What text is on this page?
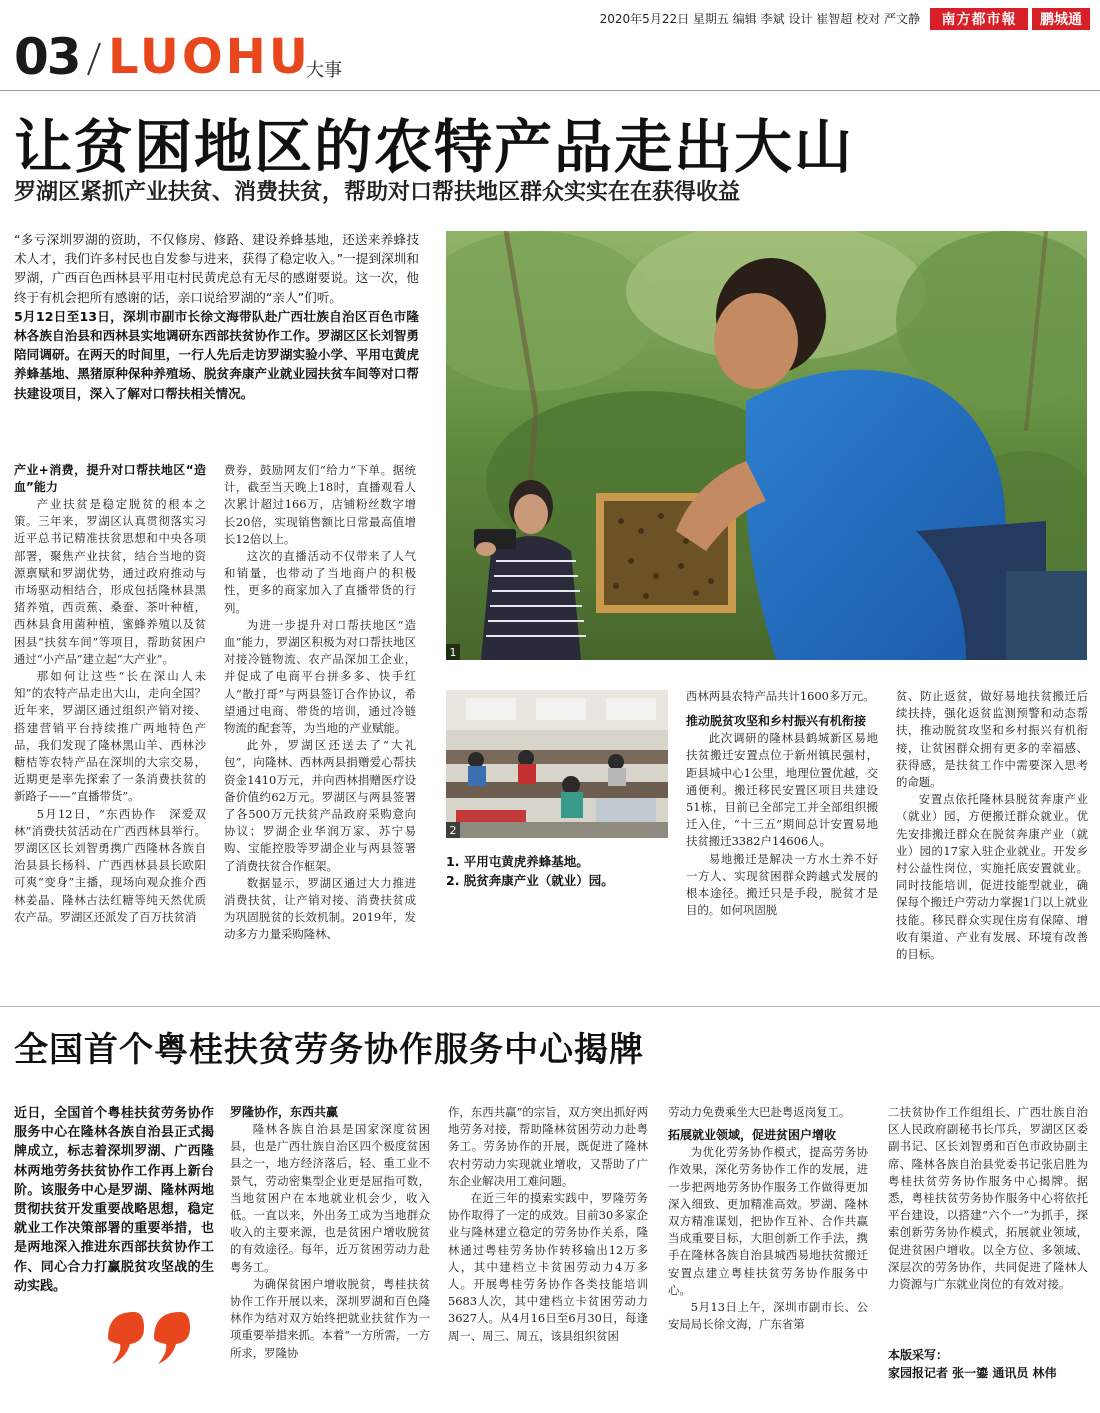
2020年5月22日 星期五 编辑 李斌 设计 崔智超 校对 严文静	南方都市報	鹏城通
03 LUOHU
大事
让贫困地区的农特产品走出大山
罗湖区紧抓产业扶贫、消费扶贫，帮助对口帮扶地区群众实实在在获得收益

“多亏深圳罗湖的资助，不仅修房、修路、建设养蜂基地，还送来养蜂技术人才，我们许多村民也自发参与进来，获得了稳定收入。”一提到深圳和罗湖，广西百色西林县平用屯村民黄虎总有无尽的感谢要说。这一次，他终于有机会把所有感谢的话，亲口说给罗湖的“亲人”们听。

5月12日至13日，深圳市副市长徐文海带队赴广西壮族自治区百色市隆林各族自治县和西林县实地调研东西部扶贫协作工作。罗湖区区长刘智勇陪同调研。在两天的时间里，一行人先后走访罗湖实验小学、平用屯黄虎养蜂基地、黑猪原种保种养殖场、脱贫奔康产业就业园扶贫车间等对口帮扶建设项目，深入了解对口帮扶相关情况。

1
2
1. 平用屯黄虎养蜂基地。
2. 脱贫奔康产业（就业）园。
产业+消费，提升对口帮扶地区“造血”能力

产业扶贫是稳定脱贫的根本之策。三年来，罗湖区认真贯彻落实习近平总书记精准扶贫思想和中央各项部署，聚焦产业扶贫，结合当地的资源禀赋和罗湖优势，通过政府推动与市场驱动相结合，形成包括隆林县黑猪养殖，西贡蕉、桑蚕、茶叶种植，西林县食用菌种植，蜜蜂养殖以及贫困县“扶贫车间”等项目，帮助贫困户通过“小产品”建立起“大产业”。

那如何让这些“长在深山人未知”的农特产品走出大山，走向全国？近年来，罗湖区通过组织产销对接、搭建营销平台持续推广两地特色产品，我们发现了隆林黑山羊、西林沙糖桔等农特产品在深圳的大宗交易，近期更是率先探索了一条消费扶贫的新路子——“直播带货”。

5月12日，“东西协作　深爱双林”消费扶贫活动在广西西林县举行。罗湖区区长刘智勇携广西隆林各族自治县县长杨科、广西西林县县长欧阳可爽“变身”主播，现场向观众推介西林姜晶、隆林古法红糖等纯天然优质农产品。罗湖区还派发了百万扶贫消

费券，鼓励网友们“给力”下单。据统计，截至当天晚上18时，直播观看人次累计超过166万，店铺粉丝数字增长20倍，实现销售额比日常最高值增长12倍以上。

这次的直播活动不仅带来了人气和销量，也带动了当地商户的积极性，更多的商家加入了直播带货的行列。

为进一步提升对口帮扶地区“造血”能力，罗湖区积极为对口帮扶地区对接冷链物流、农产品深加工企业，并促成了电商平台拼多多、快手红人“散打哥”与两县签订合作协议，希望通过电商、带货的培训，通过冷链物流的配套等，为当地的产业赋能。

此外，罗湖区还送去了“大礼包”，向隆林、西林两县捐赠爱心帮扶资金1410万元，并向西林捐赠医疗设备价值约62万元。罗湖区与两县签署了各500万元扶贫产品政府采购意向协议；罗湖企业华润万家、苏宁易购、宝能控股等罗湖企业与两县签署了消费扶贫合作框架。

数据显示，罗湖区通过大力推进消费扶贫，让产销对接、消费扶贫成为巩固脱贫的长效机制。2019年，发动多方力量采购隆林、

西林两县农特产品共计1600多万元。

推动脱贫攻坚和乡村振兴有机衔接

此次调研的隆林县鹤城新区易地扶贫搬迁安置点位于新州镇民强村，距县城中心1公里，地理位置优越，交通便利。搬迁移民安置区项目共建设51栋，目前已全部完工并全部组织搬迁入住，“十三五”期间总计安置易地扶贫搬迁3382户14606人。

易地搬迁是解决一方水土养不好一方人、实现贫困群众跨越式发展的根本途径。搬迁只是手段，脱贫才是目的。如何巩固脱

贫、防止返贫，做好易地扶贫搬迁后续扶持，强化返贫监测预警和动态帮扶，推动脱贫攻坚和乡村振兴有机衔接，让贫困群众拥有更多的幸福感、获得感，是扶贫工作中需要深入思考的命题。

安置点依托隆林县脱贫奔康产业（就业）园，方便搬迁群众就业。优先安排搬迁群众在脱贫奔康产业（就业）园的17家入驻企业就业。开发乡村公益性岗位，实施托底安置就业。同时技能培训，促进技能型就业，确保每个搬迁户劳动力掌握1门以上就业技能。移民群众实现住房有保障、增收有渠道、产业有发展、环境有改善的目标。

全国首个粤桂扶贫劳务协作服务中心揭牌
近日，全国首个粤桂扶贫劳务协作服务中心在隆林各族自治县正式揭牌成立，标志着深圳罗湖、广西隆林两地劳务扶贫协作工作再上新台阶。该服务中心是罗湖、隆林两地贯彻扶贫开发重要战略思想，稳定就业工作决策部署的重要举措，也是两地深入推进东西部扶贫协作工作、同心合力打赢脱贫攻坚战的生动实践。
罗隆协作，东西共赢

隆林各族自治县是国家深度贫困县，也是广西壮族自治区四个极度贫困县之一，地方经济落后，轻、重工业不景气，劳动密集型企业更是屈指可数，当地贫困户在本地就业机会少，收入低。一直以来，外出务工成为当地群众收入的主要来源，也是贫困户增收脱贫的有效途径。每年，近万贫困劳动力赴粤务工。

为确保贫困户增收脱贫，粤桂扶贫协作工作开展以来，深圳罗湖和百色隆林作为结对双方始终把就业扶贫作为一项重要举措来抓。本着“一方所需，一方所求，罗隆协

作，东西共赢”的宗旨，双方突出抓好两地劳务对接，帮助隆林贫困劳动力赴粤务工。劳务协作的开展，既促进了隆林农村劳动力实现就业增收，又帮助了广东企业解决用工难问题。

在近三年的摸索实践中，罗隆劳务协作取得了一定的成效。目前30多家企业与隆林建立稳定的劳务协作关系，隆林通过粤桂劳务协作转移输出12万多人，其中建档立卡贫困劳动力4万多人。开展粤桂劳务协作各类技能培训5683人次，其中建档立卡贫困劳动力3627人。从4月16日至6月30日，每逢周一、周三、周五，该县组织贫困

劳动力免费乘坐大巴赴粤返岗复工。

拓展就业领域，促进贫困户增收

为优化劳务协作模式，提高劳务协作效果，深化劳务协作工作的发展，进一步把两地劳务协作服务工作做得更加深入细致、更加精准高效。罗湖、隆林双方精准谋划，把协作互补、合作共赢当成重要目标，大胆创新工作手法，携手在隆林各族自治县城西易地扶贫搬迁安置点建立粤桂扶贫劳务协作服务中心。

5月13日上午，深圳市副市长、公安局局长徐文海，广东省第

二扶贫协作工作组组长、广西壮族自治区人民政府副秘书长邝兵，罗湖区区委副书记、区长刘智勇和百色市政协副主席、隆林各族自治县党委书记张启胜为粤桂扶贫劳务协作服务中心揭牌。据悉，粤桂扶贫劳务协作服务中心将依托平台建设，以搭建“六个一”为抓手，探索创新劳务协作模式，拓展就业领域，促进贫困户增收。以全方位、多领域、深层次的劳务协作，共同促进了隆林人力资源与广东就业岗位的有效对接。

本版采写：
家园报记者 张一鎏 通讯员 林伟
